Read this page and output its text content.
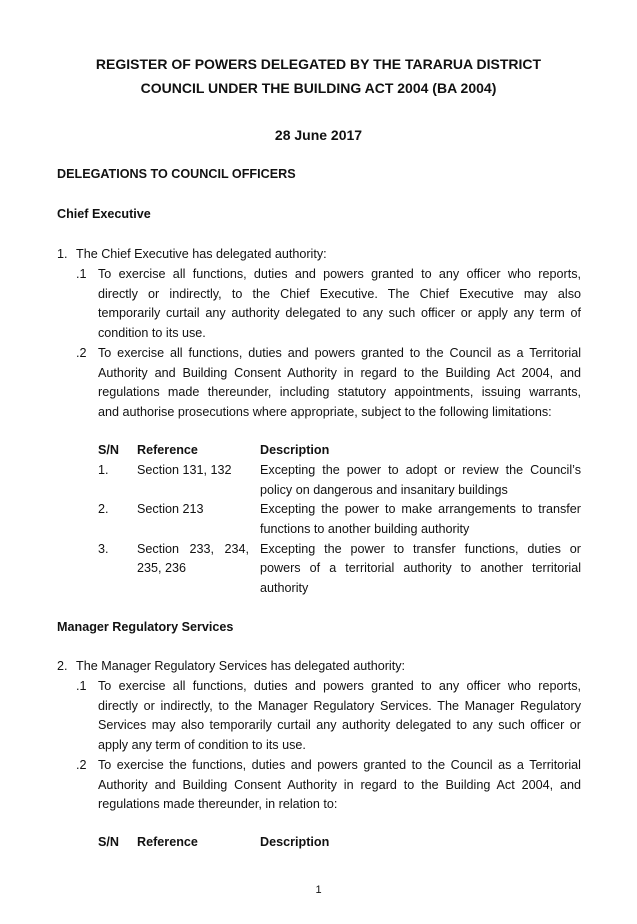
REGISTER OF POWERS DELEGATED BY THE TARARUA DISTRICT
COUNCIL UNDER THE BUILDING ACT 2004 (BA 2004)
28 June 2017
DELEGATIONS TO COUNCIL OFFICERS
Chief Executive
1. The Chief Executive has delegated authority:
.1 To exercise all functions, duties and powers granted to any officer who reports,
directly or indirectly, to the Chief Executive. The Chief Executive may also
temporarily curtail any authority delegated to any such officer or apply any term of
condition to its use.
.2 To exercise all functions, duties and powers granted to the Council as a Territorial
Authority and Building Consent Authority in regard to the Building Act 2004, and
regulations made thereunder, including statutory appointments, issuing warrants,
and authorise prosecutions where appropriate, subject to the following limitations:
S/N Reference	Description
1. Section 131, 132 Excepting the power to adopt or review the Council’s
policy on dangerous and insanitary buildings
2. Section 213	Excepting the power to make arrangements to transfer
functions to another building authority
3. Section 233, 234,
235, 236
Excepting the power to transfer functions, duties or
powers of a territorial authority to another territorial
authority
Manager Regulatory Services
2. The Manager Regulatory Services has delegated authority:
.1 To exercise all functions, duties and powers granted to any officer who reports,
directly or indirectly, to the Manager Regulatory Services. The Manager Regulatory
Services may also temporarily curtail any authority delegated to any such officer or
apply any term of condition to its use.
.2 To exercise the functions, duties and powers granted to the Council as a Territorial
Authority and Building Consent Authority in regard to the Building Act 2004, and
regulations made thereunder, in relation to:
S/N Reference	Description
1
